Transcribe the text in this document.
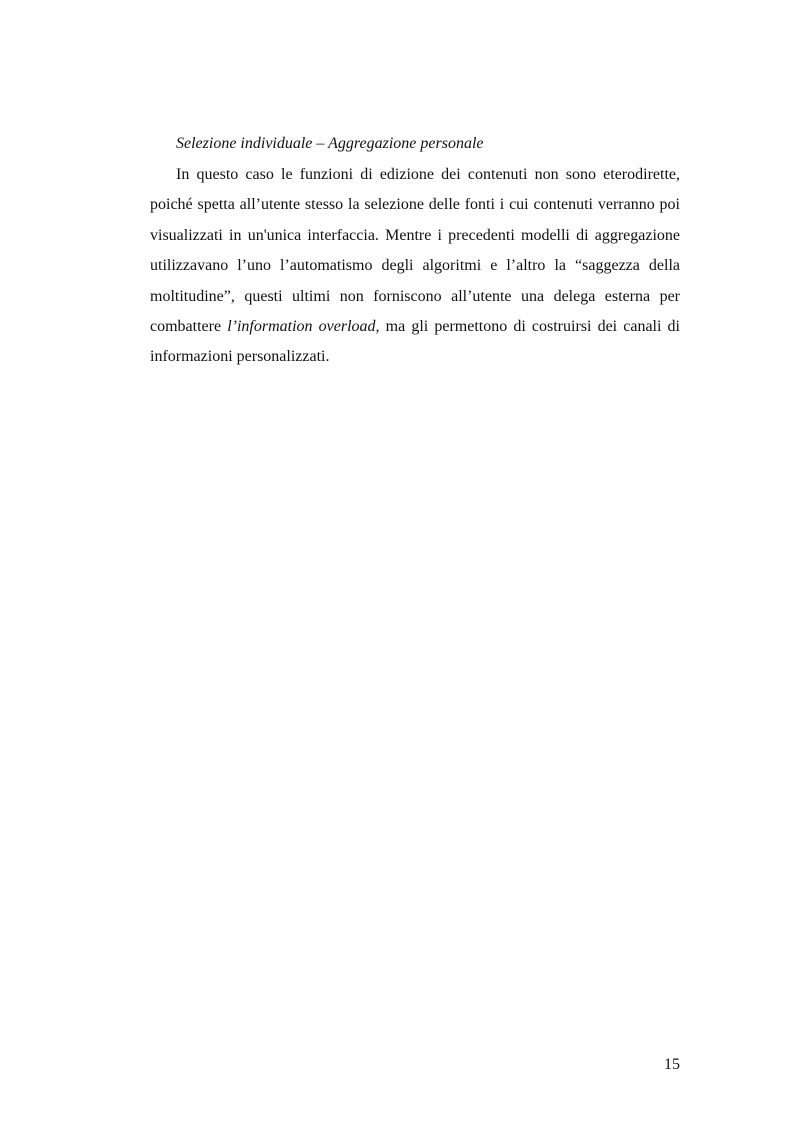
Selezione individuale – Aggregazione personale

In questo caso le funzioni di edizione dei contenuti non sono eterodirette, poiché spetta all’utente stesso la selezione delle fonti i cui contenuti verranno poi visualizzati in un'unica interfaccia. Mentre i precedenti modelli di aggregazione utilizzavano l’uno l’automatismo degli algoritmi e l’altro la “saggezza della moltitudine”, questi ultimi non forniscono all’utente una delega esterna per combattere l’information overload, ma gli permettono di costruirsi dei canali di informazioni personalizzati.

15
